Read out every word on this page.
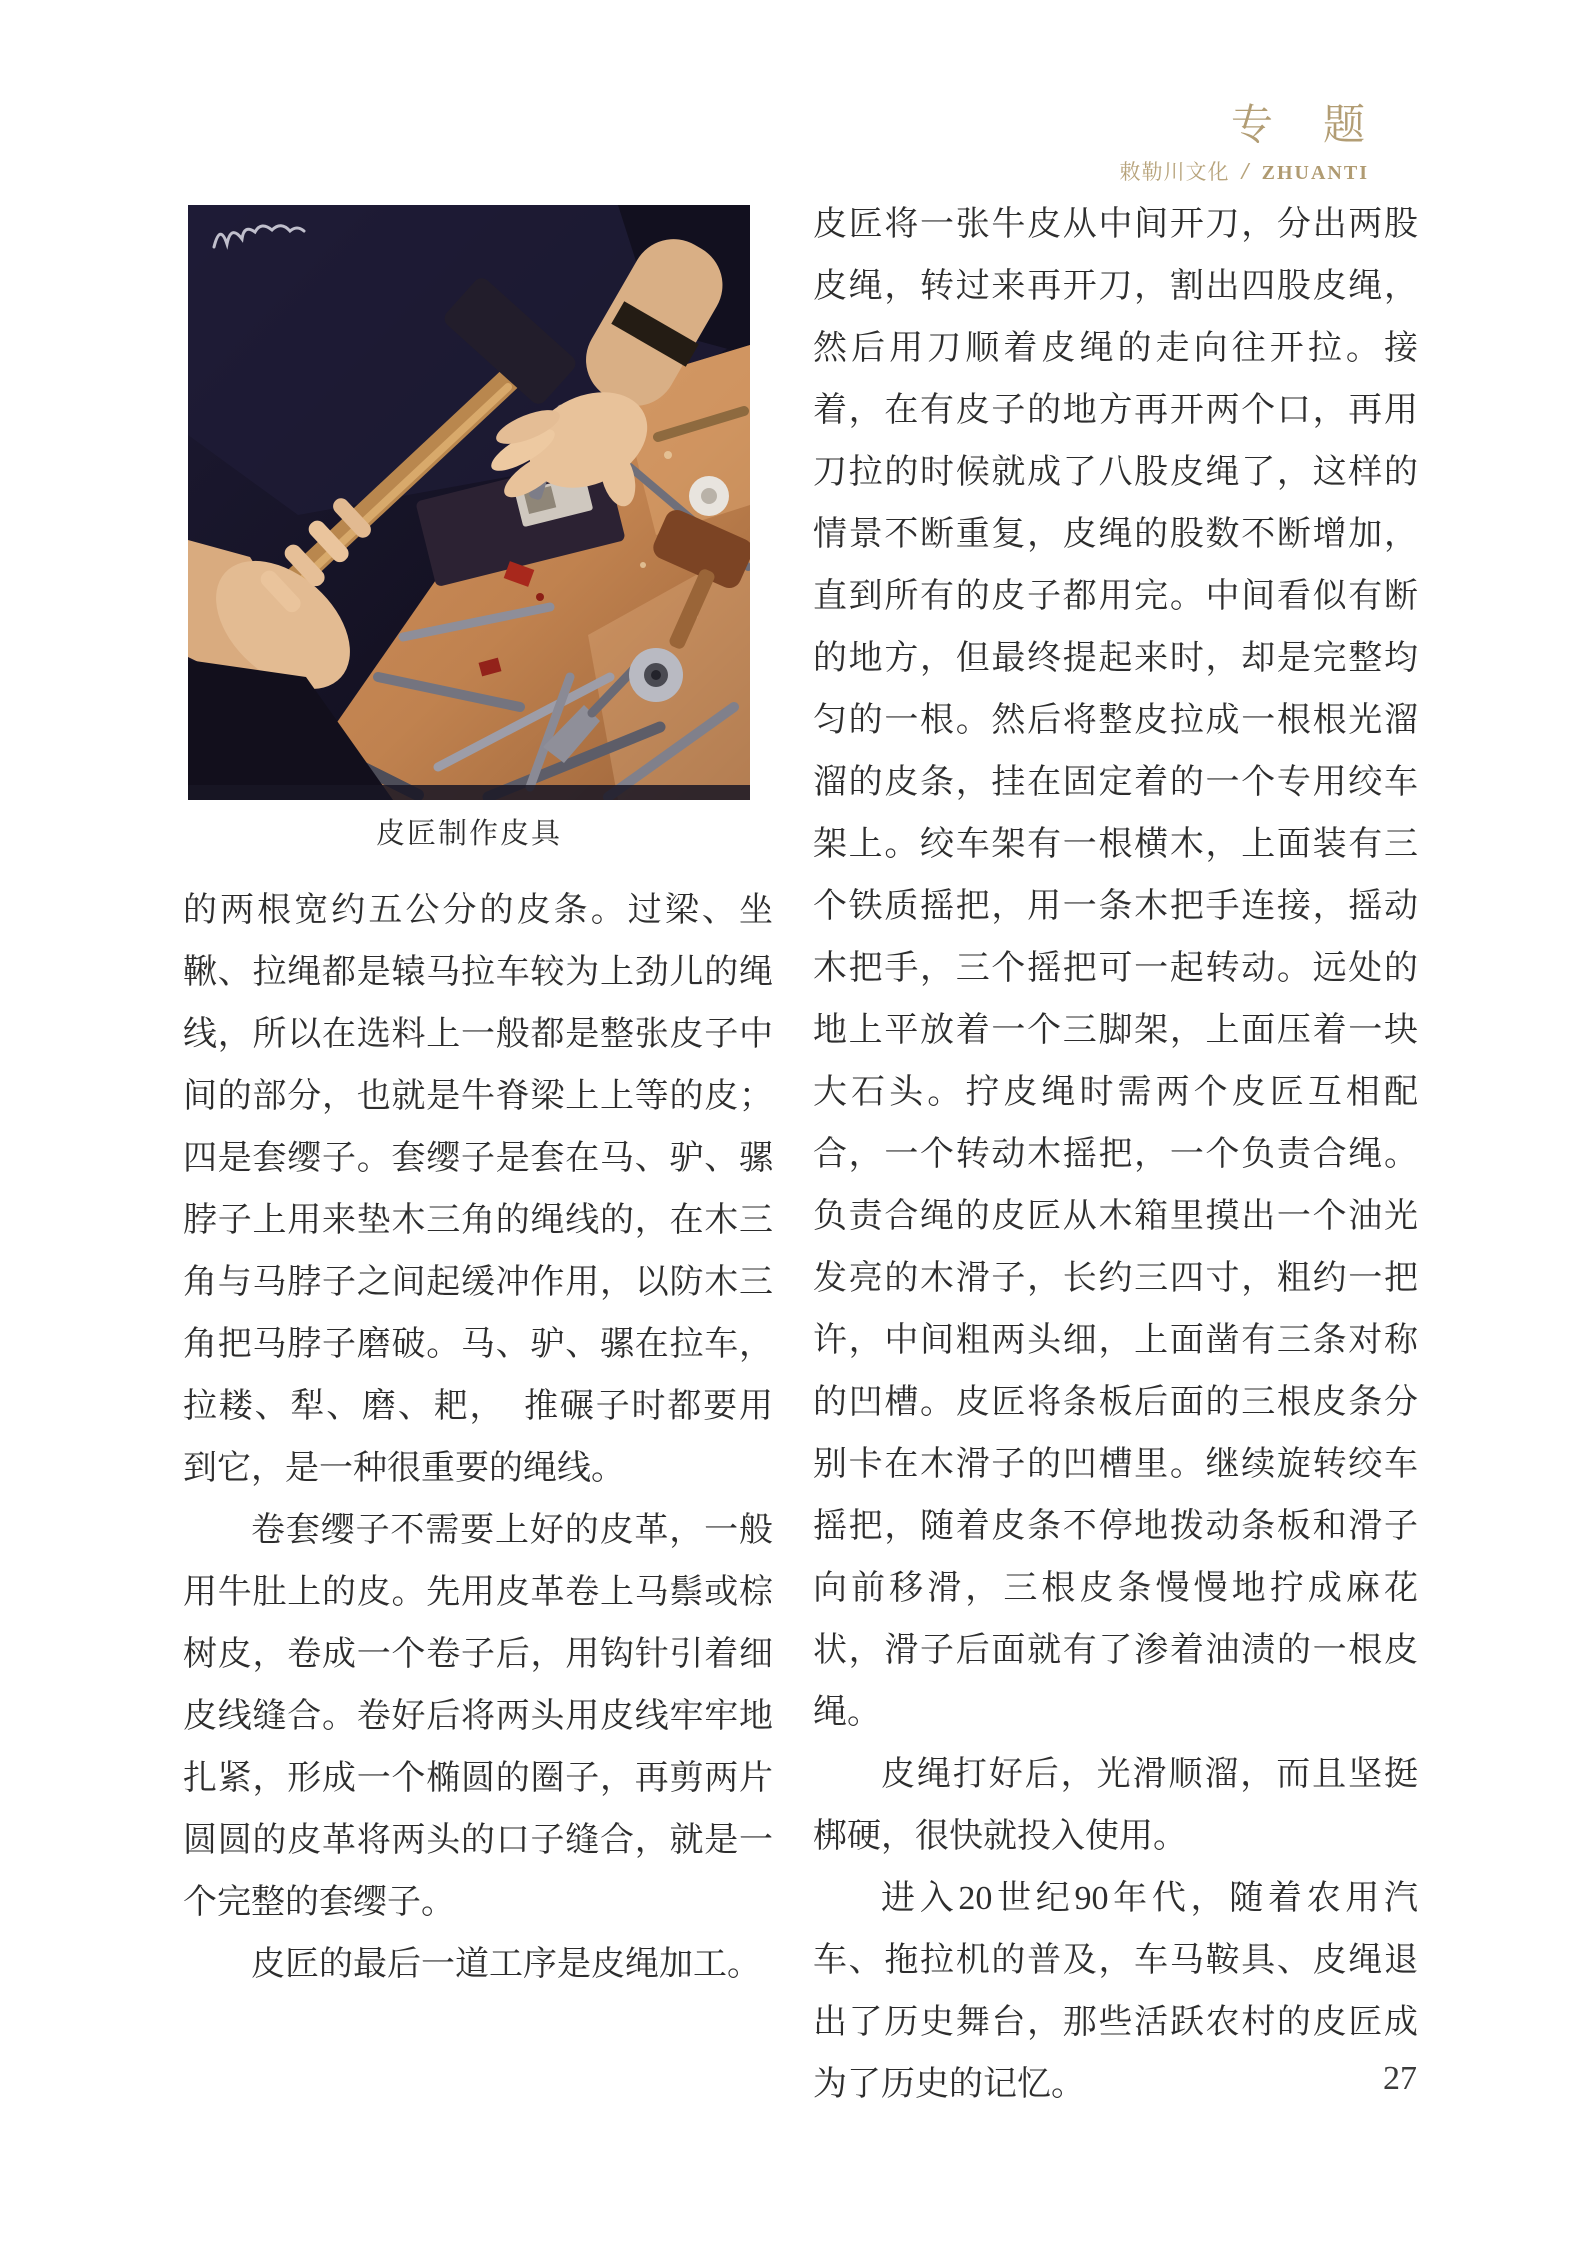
专　题
敕勒川文化 / ZHUANTI
皮匠制作皮具

的两根宽约五公分的皮条。过梁、坐鞦、拉绳都是辕马拉车较为上劲儿的绳线，所以在选料上一般都是整张皮子中间的部分，也就是牛脊梁上上等的皮；四是套缨子。套缨子是套在马、驴、骡脖子上用来垫木三角的绳线的，在木三角与马脖子之间起缓冲作用，以防木三角把马脖子磨破。马、驴、骡在拉车，拉耧、犁、磨、耙，　推碾子时都要用到它，是一种很重要的绳线。

卷套缨子不需要上好的皮革，一般用牛肚上的皮。先用皮革卷上马鬃或棕树皮，卷成一个卷子后，用钩针引着细皮线缝合。卷好后将两头用皮线牢牢地扎紧，形成一个椭圆的圈子，再剪两片圆圆的皮革将两头的口子缝合，就是一个完整的套缨子。

皮匠的最后一道工序是皮绳加工。

皮匠将一张牛皮从中间开刀，分出两股皮绳，转过来再开刀，割出四股皮绳，然后用刀顺着皮绳的走向往开拉。接着，在有皮子的地方再开两个口，再用刀拉的时候就成了八股皮绳了，这样的情景不断重复，皮绳的股数不断增加，直到所有的皮子都用完。中间看似有断的地方，但最终提起来时，却是完整均匀的一根。然后将整皮拉成一根根光溜溜的皮条，挂在固定着的一个专用绞车架上。绞车架有一根横木，上面装有三个铁质摇把，用一条木把手连接，摇动木把手，三个摇把可一起转动。远处的地上平放着一个三脚架，上面压着一块大石头。拧皮绳时需两个皮匠互相配合，一个转动木摇把，一个负责合绳。负责合绳的皮匠从木箱里摸出一个油光发亮的木滑子，长约三四寸，粗约一把许，中间粗两头细，上面凿有三条对称的凹槽。皮匠将条板后面的三根皮条分别卡在木滑子的凹槽里。继续旋转绞车摇把，随着皮条不停地拨动条板和滑子向前移滑，三根皮条慢慢地拧成麻花状，滑子后面就有了渗着油渍的一根皮绳。

皮绳打好后，光滑顺溜，而且坚挺梆硬，很快就投入使用。

进入20世纪90年代，随着农用汽车、拖拉机的普及，车马鞍具、皮绳退出了历史舞台，那些活跃农村的皮匠成为了历史的记忆。	27
